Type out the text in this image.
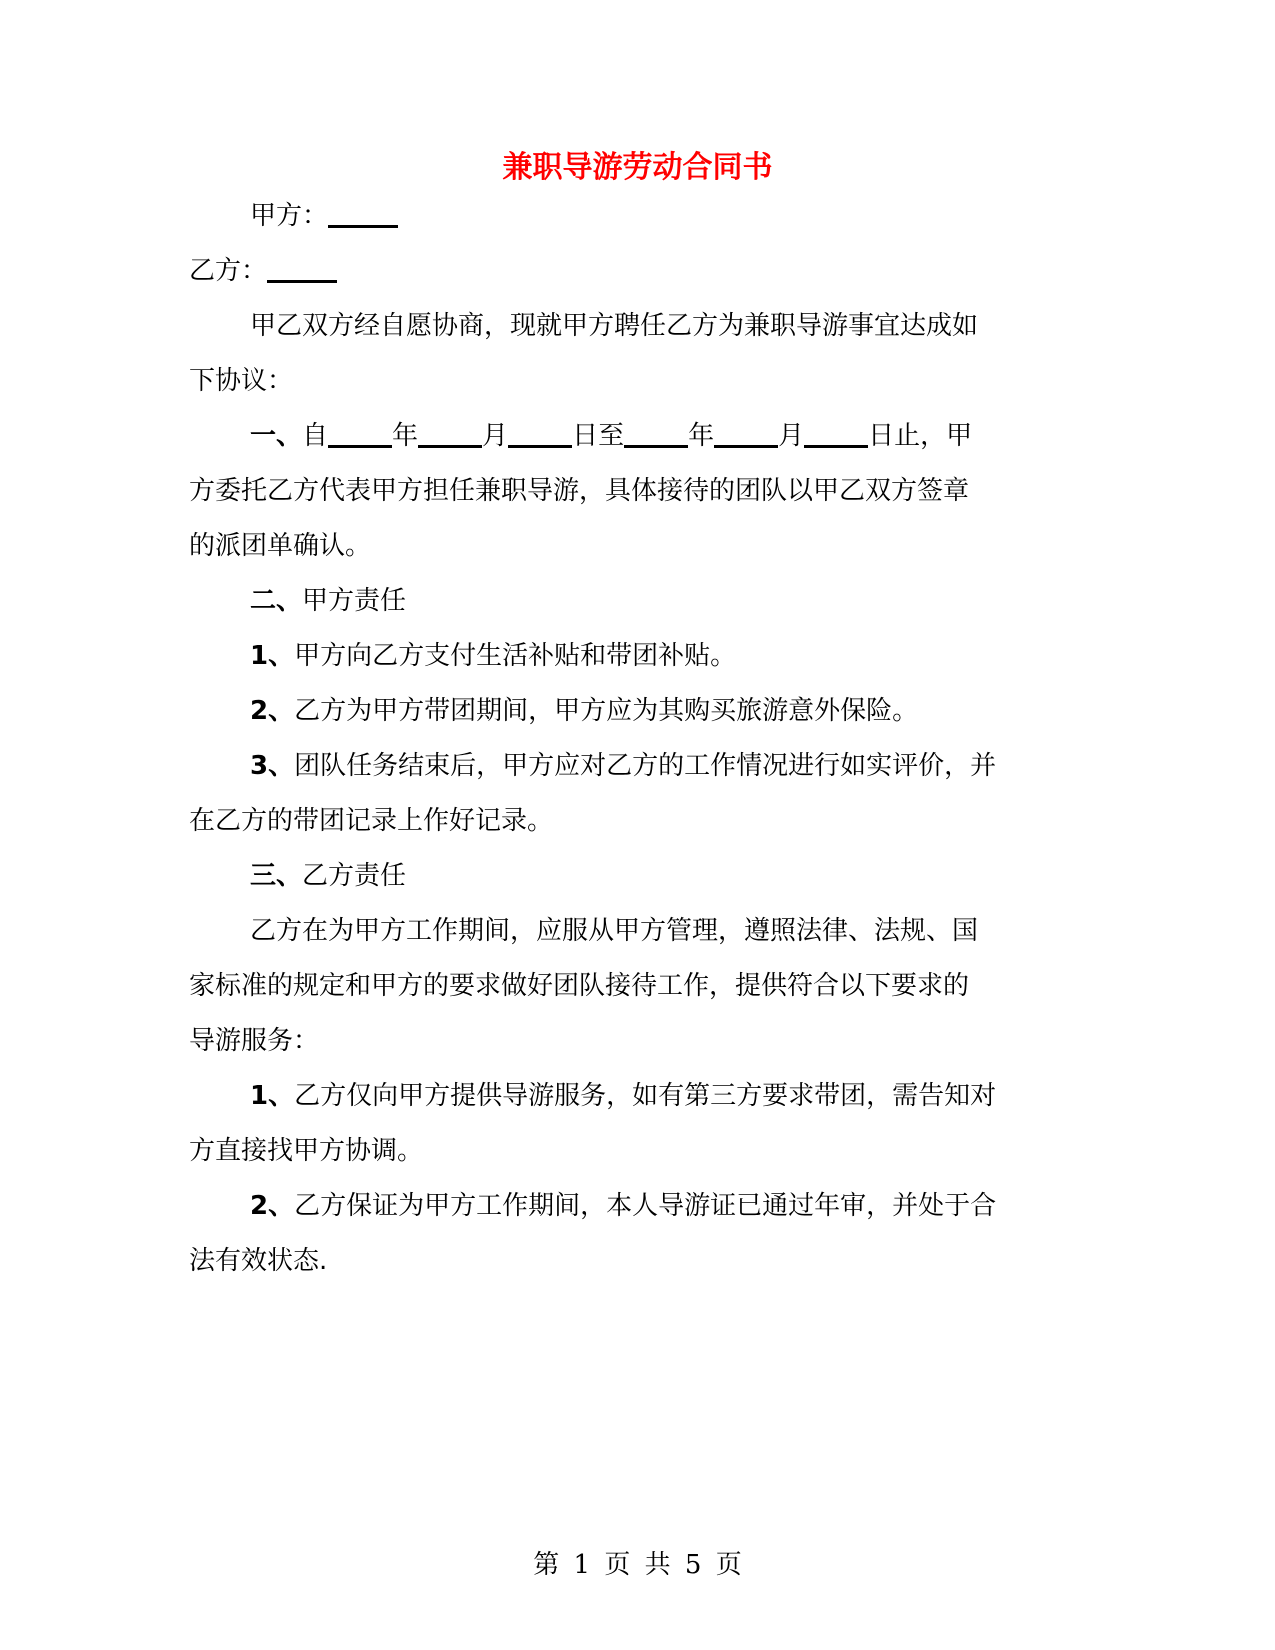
兼职导游劳动合同书
甲方：
乙方：
甲乙双方经自愿协商，现就甲方聘任乙方为兼职导游事宜达成如
下协议：
一、自 年 月 日至 年 月 日止，甲
方委托乙方代表甲方担任兼职导游，具体接待的团队以甲乙双方签章
的派团单确认。
二、甲方责任
1、甲方向乙方支付生活补贴和带团补贴。
2、乙方为甲方带团期间，甲方应为其购买旅游意外保险。
3、团队任务结束后，甲方应对乙方的工作情况进行如实评价，并
在乙方的带团记录上作好记录。
三、乙方责任
乙方在为甲方工作期间，应服从甲方管理，遵照法律、法规、国
家标准的规定和甲方的要求做好团队接待工作，提供符合以下要求的
导游服务：
1、乙方仅向甲方提供导游服务，如有第三方要求带团，需告知对
方直接找甲方协调。
2、乙方保证为甲方工作期间，本人导游证已通过年审，并处于合
法有效状态.
第 1 页 共 5 页
